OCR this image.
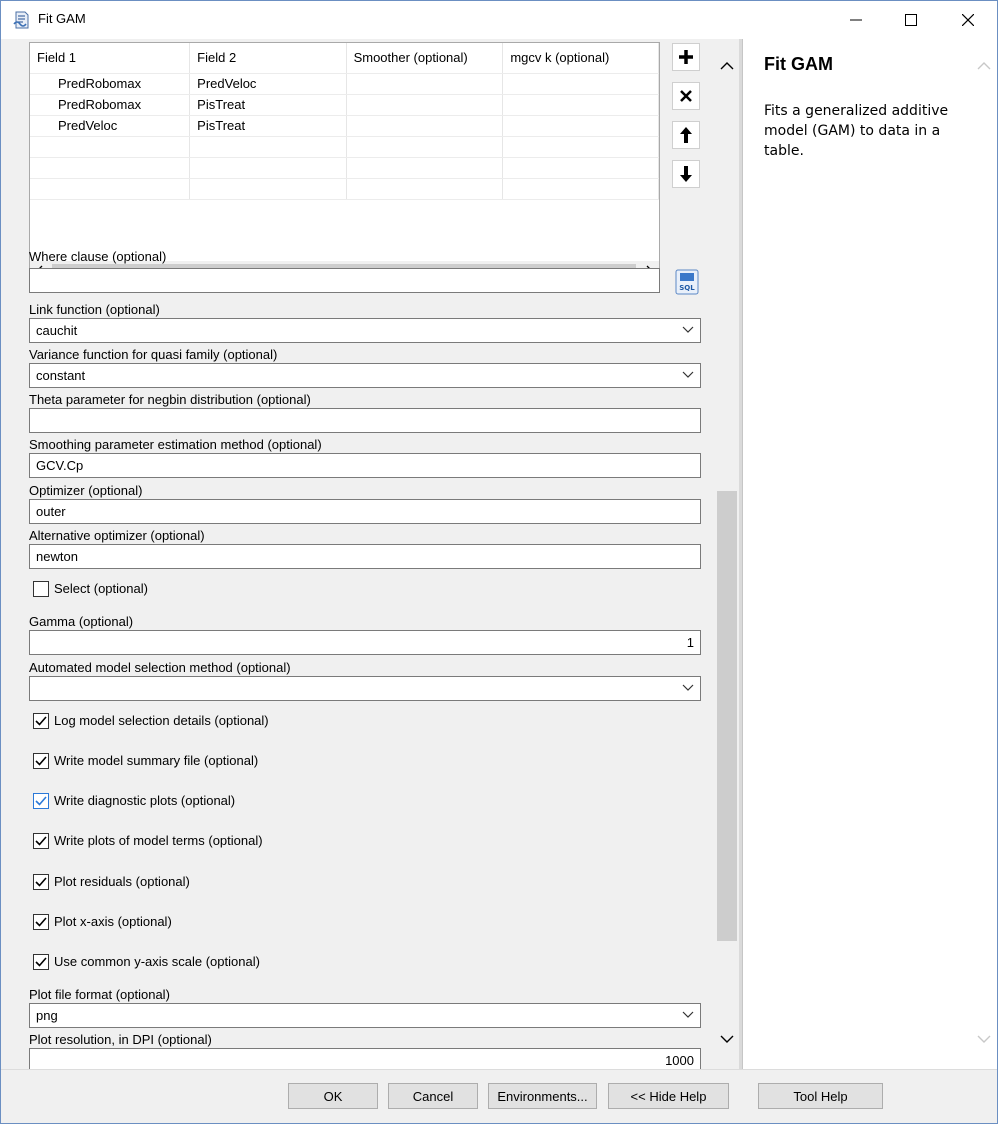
Fit GAM
Field 1	Field 2	Smoother (optional)	mgcv k (optional)
PredRobomax	PredVeloc		
PredRobomax	PisTreat		
PredVeloc	PisTreat		

Where clause (optional)
SQL
Link function (optional)
cauchit
Variance function for quasi family (optional)
constant
Theta parameter for negbin distribution (optional)
Smoothing parameter estimation method (optional)
GCV.Cp
Optimizer (optional)
outer
Alternative optimizer (optional)
newton
Select (optional)
Gamma (optional)
1
Automated model selection method (optional)
Log model selection details (optional)
Write model summary file (optional)
Write diagnostic plots (optional)
Write plots of model terms (optional)
Plot residuals (optional)
Plot x-axis (optional)
Use common y-axis scale (optional)
Plot file format (optional)
png
Plot resolution, in DPI (optional)
1000
Fit GAM
Fits a generalized additive model (GAM) to data in a table.
OK	Cancel	Environments...	<< Hide Help	Tool Help
